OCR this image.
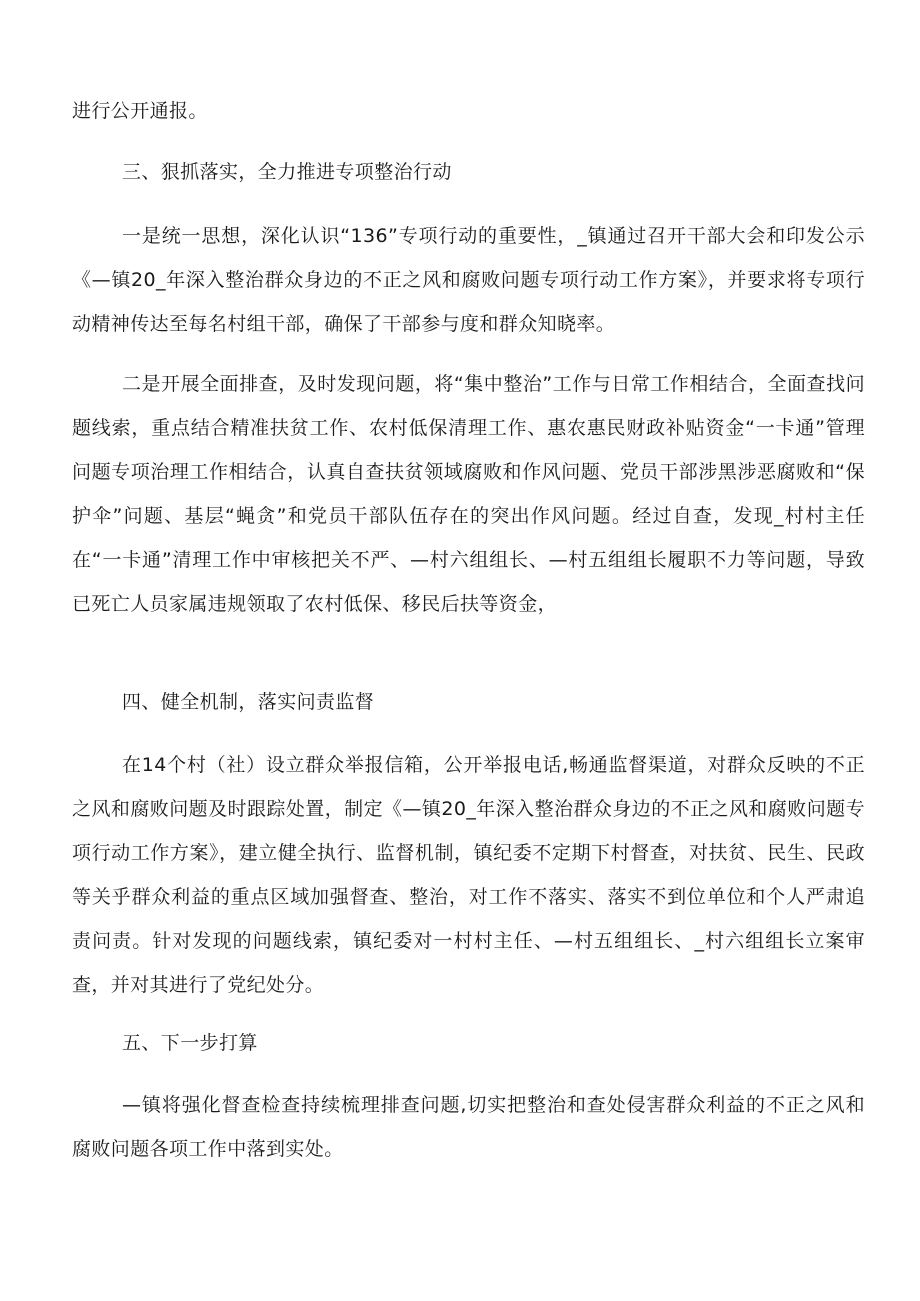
进行公开通报。

三、狠抓落实，全力推进专项整治行动

一是统一思想，深化认识“136”专项行动的重要性，_镇通过召开干部大会和印发公示《—镇20_年深入整治群众身边的不正之风和腐败问题专项行动工作方案》，并要求将专项行动精神传达至每名村组干部，确保了干部参与度和群众知晓率。

二是开展全面排查，及时发现问题，将“集中整治”工作与日常工作相结合，全面查找问题线索，重点结合精准扶贫工作、农村低保清理工作、惠农惠民财政补贴资金“一卡通”管理问题专项治理工作相结合，认真自查扶贫领域腐败和作风问题、党员干部涉黑涉恶腐败和“保护伞”问题、基层“蝇贪”和党员干部队伍存在的突出作风问题。经过自查，发现_村村主任在“一卡通”清理工作中审核把关不严、—村六组组长、—村五组组长履职不力等问题，导致已死亡人员家属违规领取了农村低保、移民后扶等资金，

四、健全机制，落实问责监督

在14个村（社）设立群众举报信箱，公开举报电话,畅通监督渠道，对群众反映的不正之风和腐败问题及时跟踪处置，制定《—镇20_年深入整治群众身边的不正之风和腐败问题专项行动工作方案》，建立健全执行、监督机制，镇纪委不定期下村督查，对扶贫、民生、民政等关乎群众利益的重点区域加强督查、整治，对工作不落实、落实不到位单位和个人严肃追责问责。针对发现的问题线索，镇纪委对一村村主任、—村五组组长、_村六组组长立案审查，并对其进行了党纪处分。

五、下一步打算

—镇将强化督查检查持续梳理排查问题,切实把整治和查处侵害群众利益的不正之风和腐败问题各项工作中落到实处。
